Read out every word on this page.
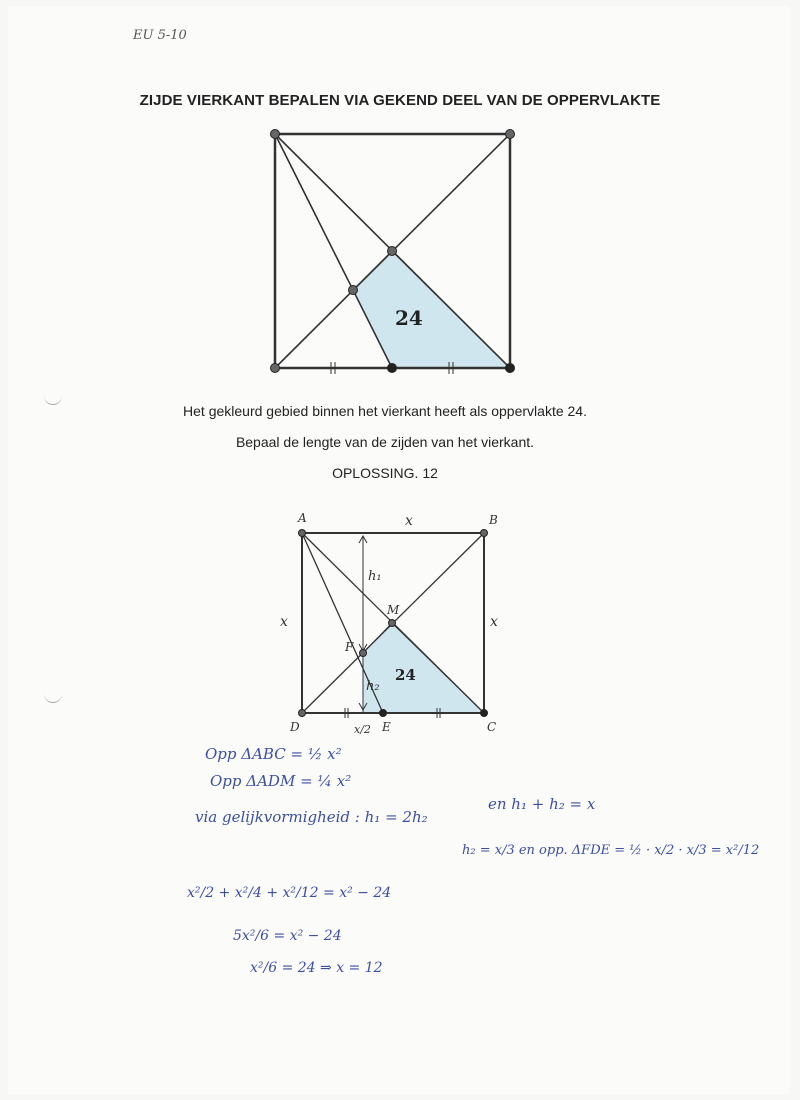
EU 5-10
ZIJDE VIERKANT BEPALEN VIA GEKEND DEEL VAN DE OPPERVLAKTE
24
Het gekleurd gebied binnen het vierkant heeft als oppervlakte 24.
Bepaal de lengte van de zijden van het vierkant.
OPLOSSING. 12
A	B
C
D	E
F
M
x
x	x
h₁
h₂
x/2
24
Opp ΔABC = ½ x²
Opp ΔADM = ¼ x²
via gelijkvormigheid : h₁ = 2h₂
en h₁ + h₂ = x
h₂ = x/3 en opp. ΔFDE = ½ · x/2 · x/3 = x²/12
x²/2 + x²/4 + x²/12 = x² − 24
5x²/6 = x² − 24
x²/6 = 24 ⇒ x = 12
